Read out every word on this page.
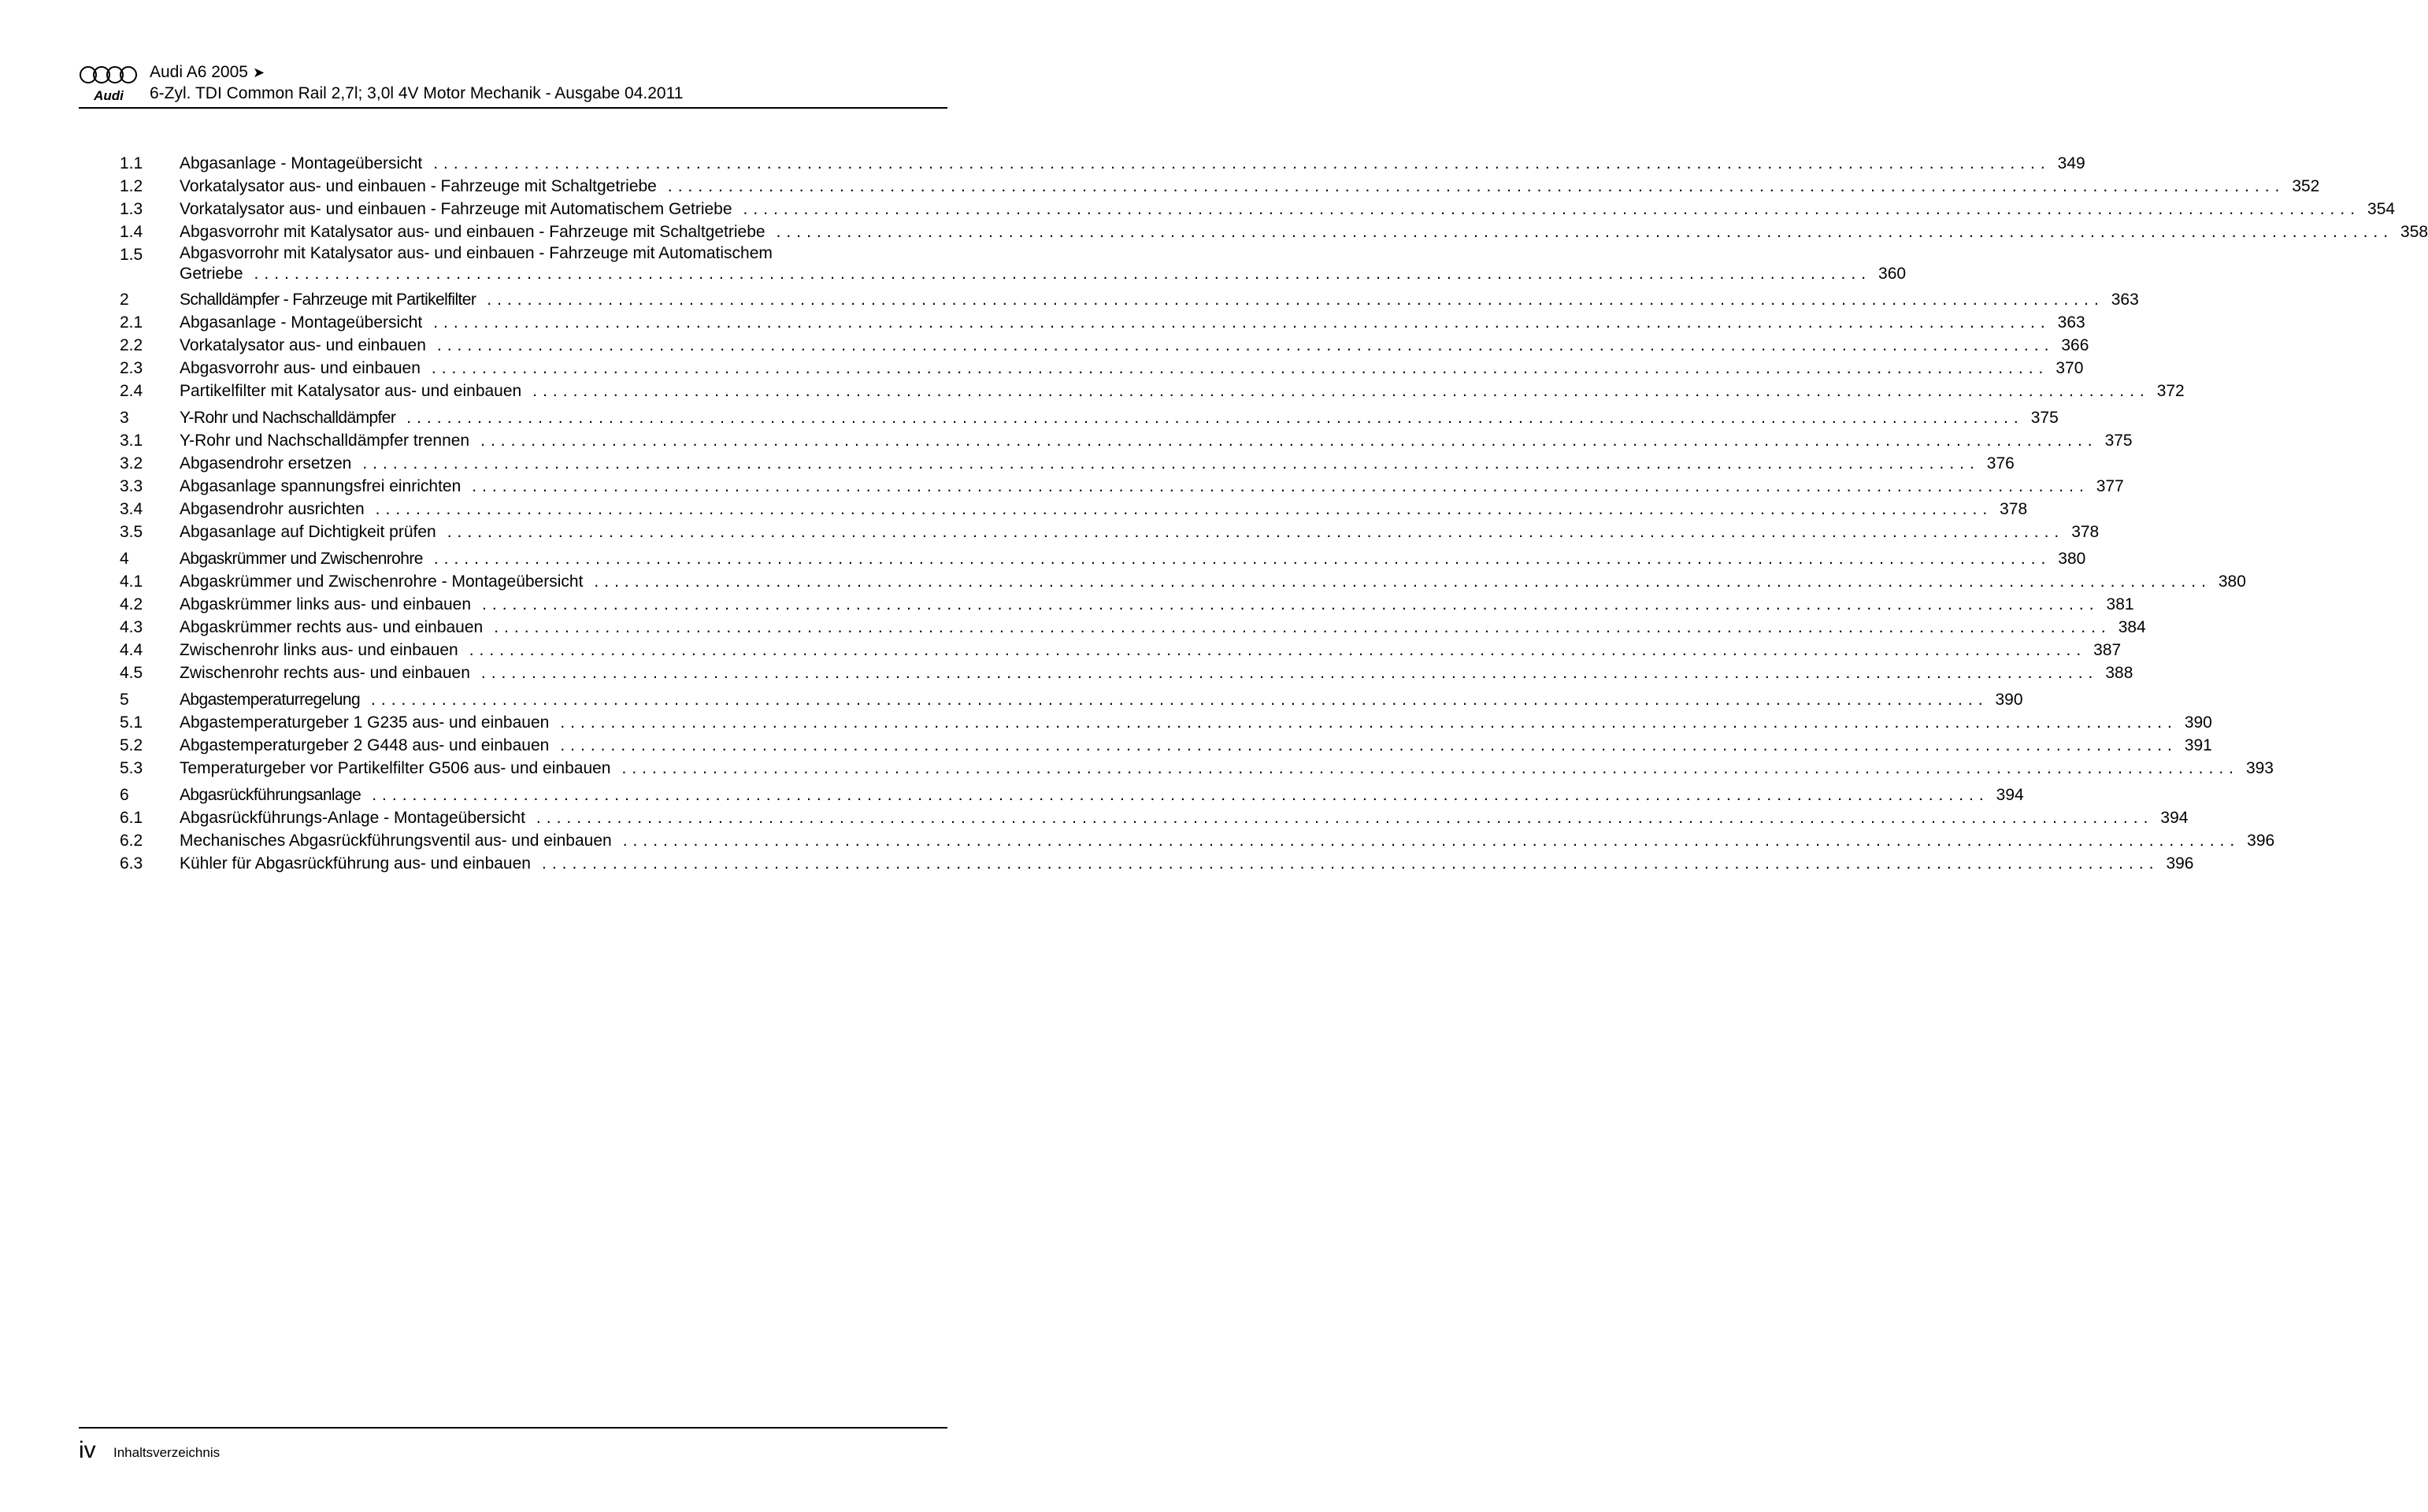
Audi
Audi A6 2005 ➤
6-Zyl. TDI Common Rail 2,7l; 3,0l 4V Motor Mechanik - Ausgabe 04.2011
1.1	Abgasanlage - Montageübersicht ................................................................................................................................................................ 349
1.2	Vorkatalysator aus- und einbauen - Fahrzeuge mit Schaltgetriebe ................................................................................................................................................................ 352
1.3	Vorkatalysator aus- und einbauen - Fahrzeuge mit Automatischem Getriebe ................................................................................................................................................................ 354
1.4	Abgasvorrohr mit Katalysator aus- und einbauen - Fahrzeuge mit Schaltgetriebe ................................................................................................................................................................ 358
1.5	Abgasvorrohr mit Katalysator aus- und einbauen - Fahrzeuge mit Automatischem
Getriebe ................................................................................................................................................................ 360
2	Schalldämpfer - Fahrzeuge mit Partikelfilter ................................................................................................................................................................ 363
2.1	Abgasanlage - Montageübersicht ................................................................................................................................................................ 363
2.2	Vorkatalysator aus- und einbauen ................................................................................................................................................................ 366
2.3	Abgasvorrohr aus- und einbauen ................................................................................................................................................................ 370
2.4	Partikelfilter mit Katalysator aus- und einbauen ................................................................................................................................................................ 372
3	Y-Rohr und Nachschalldämpfer ................................................................................................................................................................ 375
3.1	Y-Rohr und Nachschalldämpfer trennen ................................................................................................................................................................ 375
3.2	Abgasendrohr ersetzen ................................................................................................................................................................ 376
3.3	Abgasanlage spannungsfrei einrichten ................................................................................................................................................................ 377
3.4	Abgasendrohr ausrichten ................................................................................................................................................................ 378
3.5	Abgasanlage auf Dichtigkeit prüfen ................................................................................................................................................................ 378
4	Abgaskrümmer und Zwischenrohre ................................................................................................................................................................ 380
4.1	Abgaskrümmer und Zwischenrohre - Montageübersicht ................................................................................................................................................................ 380
4.2	Abgaskrümmer links aus- und einbauen ................................................................................................................................................................ 381
4.3	Abgaskrümmer rechts aus- und einbauen ................................................................................................................................................................ 384
4.4	Zwischenrohr links aus- und einbauen ................................................................................................................................................................ 387
4.5	Zwischenrohr rechts aus- und einbauen ................................................................................................................................................................ 388
5	Abgastemperaturregelung ................................................................................................................................................................ 390
5.1	Abgastemperaturgeber 1 G235 aus- und einbauen ................................................................................................................................................................ 390
5.2	Abgastemperaturgeber 2 G448 aus- und einbauen ................................................................................................................................................................ 391
5.3	Temperaturgeber vor Partikelfilter G506 aus- und einbauen ................................................................................................................................................................ 393
6	Abgasrückführungsanlage ................................................................................................................................................................ 394
6.1	Abgasrückführungs-Anlage - Montageübersicht ................................................................................................................................................................ 394
6.2	Mechanisches Abgasrückführungsventil aus- und einbauen ................................................................................................................................................................ 396
6.3	Kühler für Abgasrückführung aus- und einbauen ................................................................................................................................................................ 396
iv Inhaltsverzeichnis
